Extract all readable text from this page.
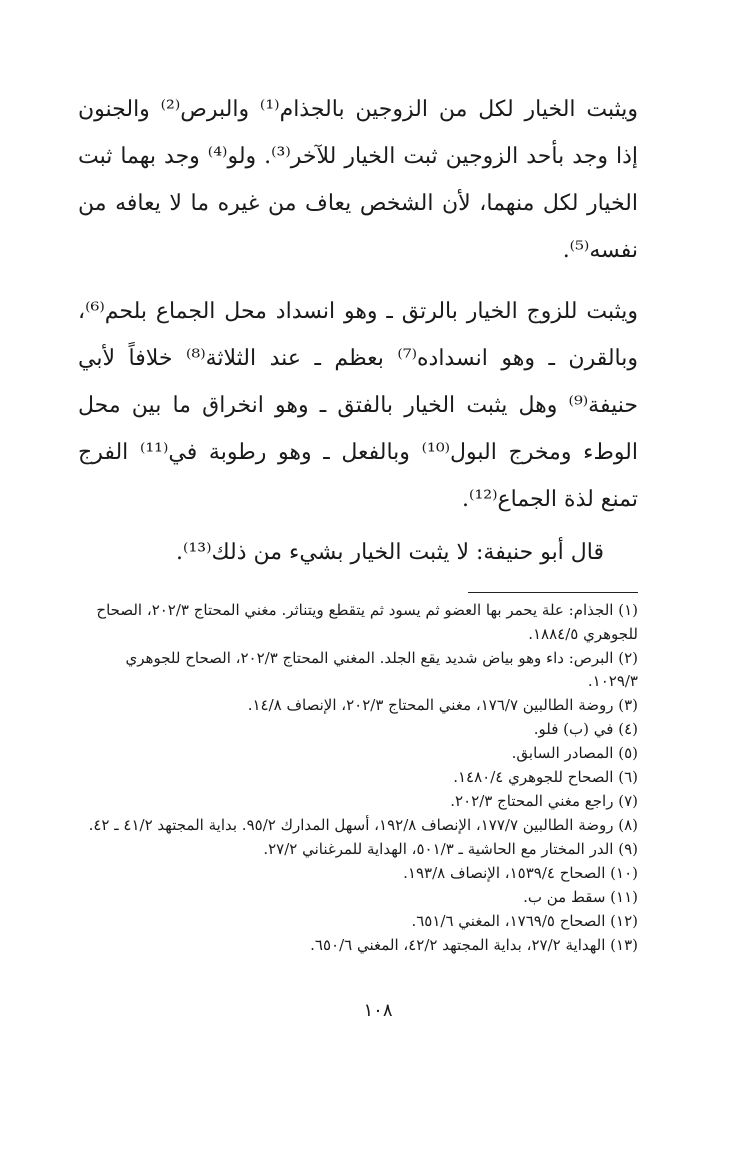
ويثبت الخيار لكل من الزوجين بالجذام⁽¹⁾ والبرص⁽²⁾ والجنون إذا وجد بأحد الزوجين ثبت الخيار للآخر⁽³⁾. ولو⁽⁴⁾ وجد بهما ثبت الخيار لكل منهما، لأن الشخص يعاف من غيره ما لا يعافه من نفسه⁽⁵⁾.

ويثبت للزوج الخيار بالرتق ـ وهو انسداد محل الجماع بلحم⁽⁶⁾، وبالقرن ـ وهو انسداده⁽⁷⁾ بعظم ـ عند الثلاثة⁽⁸⁾ خلافاً لأبي حنيفة⁽⁹⁾ وهل يثبت الخيار بالفتق ـ وهو انخراق ما بين محل الوطء ومخرج البول⁽¹⁰⁾ وبالفعل ـ وهو رطوبة في⁽¹¹⁾ الفرج تمنع لذة الجماع⁽¹²⁾.

قال أبو حنيفة: لا يثبت الخيار بشيء من ذلك⁽¹³⁾.

(١) الجذام: علة يحمر بها العضو ثم يسود ثم يتقطع ويتناثر. مغني المحتاج ٢٠٢/٣، الصحاح للجوهري ١٨٨٤/٥.
(٢) البرص: داء وهو بياض شديد يقع الجلد. المغني المحتاج ٢٠٢/٣، الصحاح للجوهري ١٠٢٩/٣.
(٣) روضة الطالبين ١٧٦/٧، مغني المحتاج ٢٠٢/٣، الإنصاف ١٤/٨.
(٤) في (ب) فلو.
(٥) المصادر السابق.
(٦) الصحاح للجوهري ١٤٨٠/٤.
(٧) راجع مغني المحتاج ٢٠٢/٣.
(٨) روضة الطالبين ١٧٧/٧، الإنصاف ١٩٢/٨، أسهل المدارك ٩٥/٢. بداية المجتهد ٤١/٢ ـ ٤٢.
(٩) الدر المختار مع الحاشية ـ ٥٠١/٣، الهداية للمرغناني ٢٧/٢.
(١٠) الصحاح ١٥٣٩/٤، الإنصاف ١٩٣/٨.
(١١) سقط من ب.
(١٢) الصحاح ١٧٦٩/٥، المغني ٦٥١/٦.
(١٣) الهداية ٢٧/٢، بداية المجتهد ٤٢/٢، المغني ٦٥٠/٦.
١٠٨
